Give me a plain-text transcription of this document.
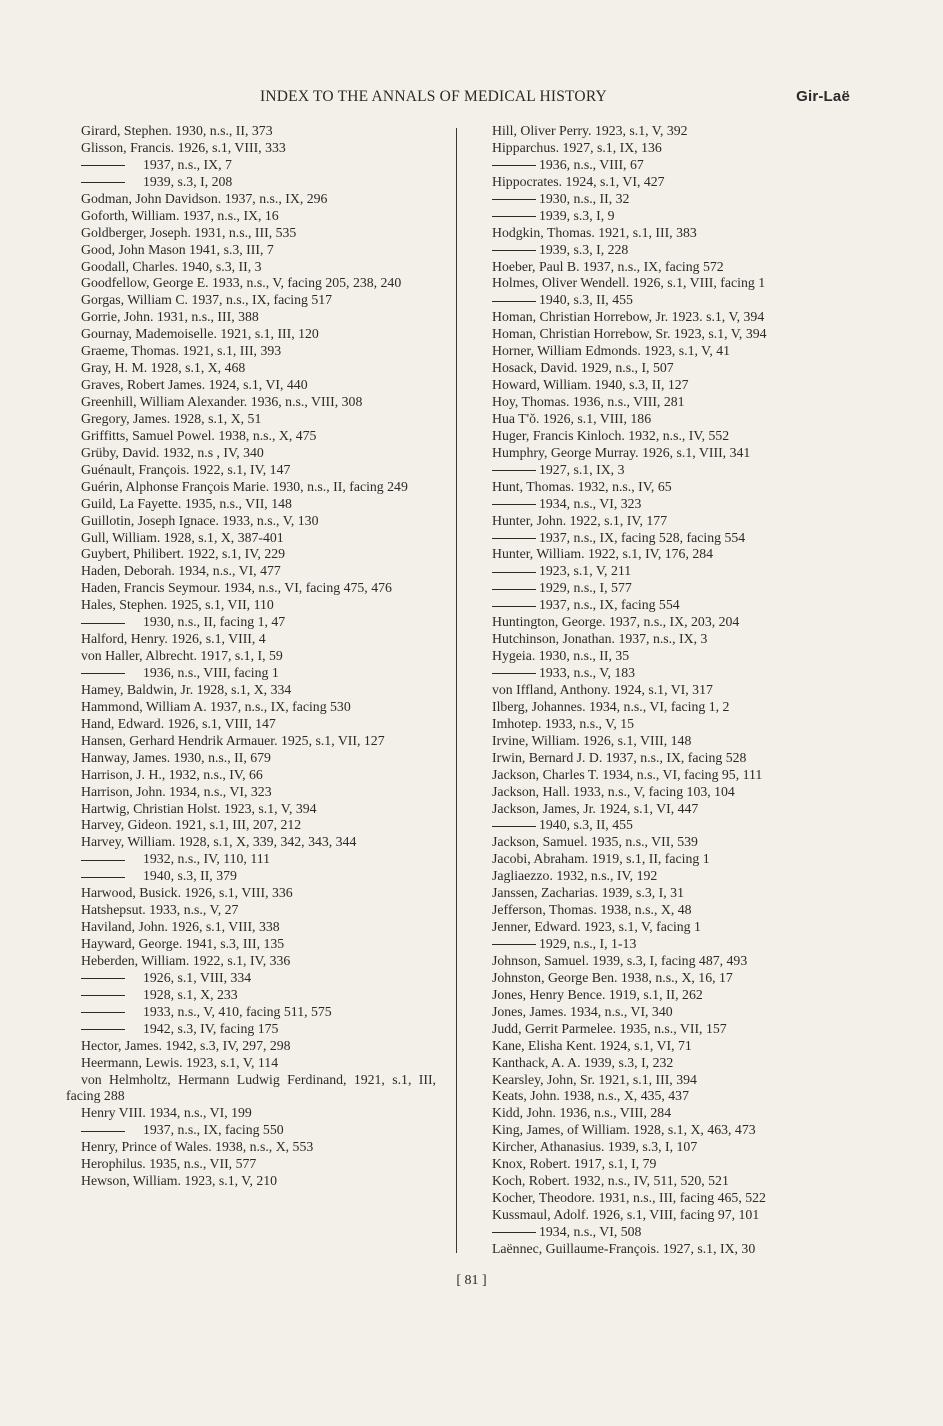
INDEX TO THE ANNALS OF MEDICAL HISTORY	Gir-Laë
Girard, Stephen. 1930, n.s., II, 373
Glisson, Francis. 1926, s.1, VIII, 333
1937, n.s., IX, 7
1939, s.3, I, 208
Godman, John Davidson. 1937, n.s., IX, 296
Goforth, William. 1937, n.s., IX, 16
Goldberger, Joseph. 1931, n.s., III, 535
Good, John Mason 1941, s.3, III, 7
Goodall, Charles. 1940, s.3, II, 3
Goodfellow, George E. 1933, n.s., V, facing 205, 238, 240
Gorgas, William C. 1937, n.s., IX, facing 517
Gorrie, John. 1931, n.s., III, 388
Gournay, Mademoiselle. 1921, s.1, III, 120
Graeme, Thomas. 1921, s.1, III, 393
Gray, H. M. 1928, s.1, X, 468
Graves, Robert James. 1924, s.1, VI, 440
Greenhill, William Alexander. 1936, n.s., VIII, 308
Gregory, James. 1928, s.1, X, 51
Griffitts, Samuel Powel. 1938, n.s., X, 475
Grüby, David. 1932, n.s , IV, 340
Guénault, François. 1922, s.1, IV, 147
Guérin, Alphonse François Marie. 1930, n.s., II, facing 249
Guild, La Fayette. 1935, n.s., VII, 148
Guillotin, Joseph Ignace. 1933, n.s., V, 130
Gull, William. 1928, s.1, X, 387-401
Guybert, Philibert. 1922, s.1, IV, 229
Haden, Deborah. 1934, n.s., VI, 477
Haden, Francis Seymour. 1934, n.s., VI, facing 475, 476
Hales, Stephen. 1925, s.1, VII, 110
1930, n.s., II, facing 1, 47
Halford, Henry. 1926, s.1, VIII, 4
von Haller, Albrecht. 1917, s.1, I, 59
1936, n.s., VIII, facing 1
Hamey, Baldwin, Jr. 1928, s.1, X, 334
Hammond, William A. 1937, n.s., IX, facing 530
Hand, Edward. 1926, s.1, VIII, 147
Hansen, Gerhard Hendrik Armauer. 1925, s.1, VII, 127
Hanway, James. 1930, n.s., II, 679
Harrison, J. H., 1932, n.s., IV, 66
Harrison, John. 1934, n.s., VI, 323
Hartwig, Christian Holst. 1923, s.1, V, 394
Harvey, Gideon. 1921, s.1, III, 207, 212
Harvey, William. 1928, s.1, X, 339, 342, 343, 344
1932, n.s., IV, 110, 111
1940, s.3, II, 379
Harwood, Busick. 1926, s.1, VIII, 336
Hatshepsut. 1933, n.s., V, 27
Haviland, John. 1926, s.1, VIII, 338
Hayward, George. 1941, s.3, III, 135
Heberden, William. 1922, s.1, IV, 336
1926, s.1, VIII, 334
1928, s.1, X, 233
1933, n.s., V, 410, facing 511, 575
1942, s.3, IV, facing 175
Hector, James. 1942, s.3, IV, 297, 298
Heermann, Lewis. 1923, s.1, V, 114
von Helmholtz, Hermann Ludwig Ferdinand, 1921, s.1, III, facing 288
Henry VIII. 1934, n.s., VI, 199
1937, n.s., IX, facing 550
Henry, Prince of Wales. 1938, n.s., X, 553
Herophilus. 1935, n.s., VII, 577
Hewson, William. 1923, s.1, V, 210
Hill, Oliver Perry. 1923, s.1, V, 392
Hipparchus. 1927, s.1, IX, 136
1936, n.s., VIII, 67
Hippocrates. 1924, s.1, VI, 427
1930, n.s., II, 32
1939, s.3, I, 9
Hodgkin, Thomas. 1921, s.1, III, 383
1939, s.3, I, 228
Hoeber, Paul B. 1937, n.s., IX, facing 572
Holmes, Oliver Wendell. 1926, s.1, VIII, facing 1
1940, s.3, II, 455
Homan, Christian Horrebow, Jr. 1923. s.1, V, 394
Homan, Christian Horrebow, Sr. 1923, s.1, V, 394
Horner, William Edmonds. 1923, s.1, V, 41
Hosack, David. 1929, n.s., I, 507
Howard, William. 1940, s.3, II, 127
Hoy, Thomas. 1936, n.s., VIII, 281
Hua T'ŏ. 1926, s.1, VIII, 186
Huger, Francis Kinloch. 1932, n.s., IV, 552
Humphry, George Murray. 1926, s.1, VIII, 341
1927, s.1, IX, 3
Hunt, Thomas. 1932, n.s., IV, 65
1934, n.s., VI, 323
Hunter, John. 1922, s.1, IV, 177
1937, n.s., IX, facing 528, facing 554
Hunter, William. 1922, s.1, IV, 176, 284
1923, s.1, V, 211
1929, n.s., I, 577
1937, n.s., IX, facing 554
Huntington, George. 1937, n.s., IX, 203, 204
Hutchinson, Jonathan. 1937, n.s., IX, 3
Hygeia. 1930, n.s., II, 35
1933, n.s., V, 183
von Iffland, Anthony. 1924, s.1, VI, 317
Ilberg, Johannes. 1934, n.s., VI, facing 1, 2
Imhotep. 1933, n.s., V, 15
Irvine, William. 1926, s.1, VIII, 148
Irwin, Bernard J. D. 1937, n.s., IX, facing 528
Jackson, Charles T. 1934, n.s., VI, facing 95, 111
Jackson, Hall. 1933, n.s., V, facing 103, 104
Jackson, James, Jr. 1924, s.1, VI, 447
1940, s.3, II, 455
Jackson, Samuel. 1935, n.s., VII, 539
Jacobi, Abraham. 1919, s.1, II, facing 1
Jagliaezzo. 1932, n.s., IV, 192
Janssen, Zacharias. 1939, s.3, I, 31
Jefferson, Thomas. 1938, n.s., X, 48
Jenner, Edward. 1923, s.1, V, facing 1
1929, n.s., I, 1-13
Johnson, Samuel. 1939, s.3, I, facing 487, 493
Johnston, George Ben. 1938, n.s., X, 16, 17
Jones, Henry Bence. 1919, s.1, II, 262
Jones, James. 1934, n.s., VI, 340
Judd, Gerrit Parmelee. 1935, n.s., VII, 157
Kane, Elisha Kent. 1924, s.1, VI, 71
Kanthack, A. A. 1939, s.3, I, 232
Kearsley, John, Sr. 1921, s.1, III, 394
Keats, John. 1938, n.s., X, 435, 437
Kidd, John. 1936, n.s., VIII, 284
King, James, of William. 1928, s.1, X, 463, 473
Kircher, Athanasius. 1939, s.3, I, 107
Knox, Robert. 1917, s.1, I, 79
Koch, Robert. 1932, n.s., IV, 511, 520, 521
Kocher, Theodore. 1931, n.s., III, facing 465, 522
Kussmaul, Adolf. 1926, s.1, VIII, facing 97, 101
1934, n.s., VI, 508
Laënnec, Guillaume-François. 1927, s.1, IX, 30
[ 81 ]
